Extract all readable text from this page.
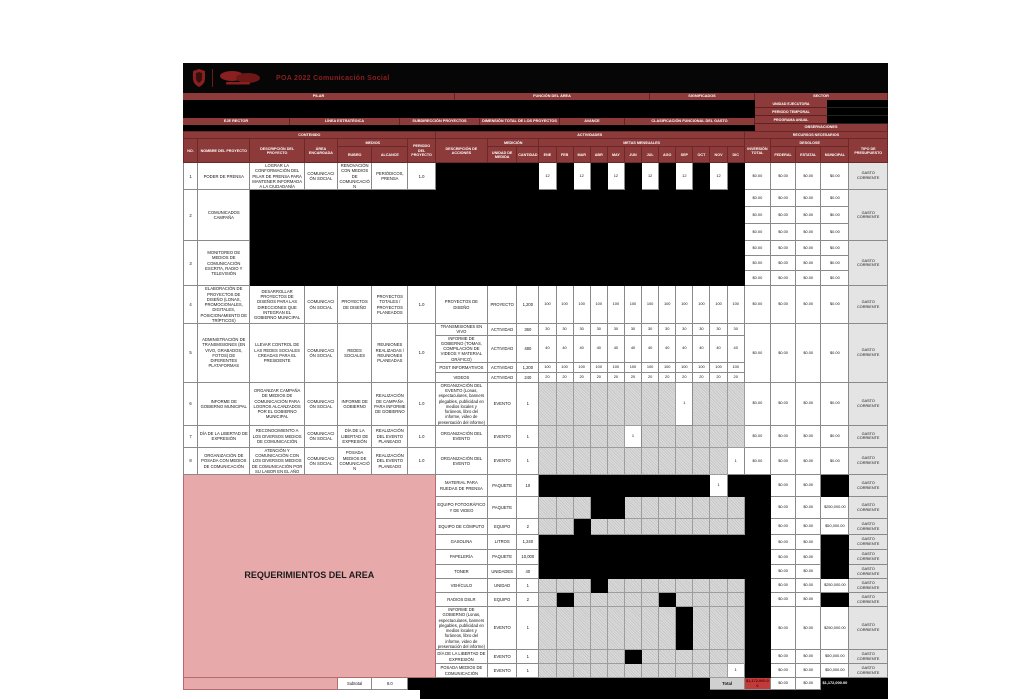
POA 2022 Comunicación Social
PILAR	FUNCIÓN DEL ÁREA	SIGNIFICADOS
EJE RECTOR	LÍNEA ESTRATÉGICA	SUBDIRECCIÓN PROYECTOS	DIMENSIÓN TOTAL DE LOS PROYECTOS	AVANCE	CLASIFICACIÓN FUNCIONAL DEL GASTO
SECTOR
UNIDAD EJECUTORA
PERIODO TEMPORAL
PROGRAMA ANUAL
OBSERVACIONES
CONTENIDO							ACTIVIDADES															RECURSOS NECESARIOS				
NO.	NOMBRE DEL PROYECTO	DESCRIPCIÓN DEL PROYECTO	ÁREA ENCARGADA	MEDIOS		PERIODO DEL PROYECTO	DESCRIPCIÓN DE ACCIONES	MEDICIÓN		METAS MENSUALES												INVERSIÓN TOTAL	DESGLOSE			TIPO DE PRESUPUESTO
				RUBRO	ALCANCE			UNIDAD DE MEDIDA	CANTIDAD	ENE	FEB	MAR	ABR	MAY	JUN	JUL	AGO	SEP	OCT	NOV	DIC		FEDERAL	ESTATAL	MUNICIPAL	
1	PODER DE PRENSA	LOGRAR LA CONFORMACIÓN DEL PILAR DE PRENSA PARA MANTENER INFORMADA A LA CIUDADANÍA	COMUNICACIÓN SOCIAL	RENOVACIÓN CON MEDIOS DE COMUNICACIÓN	PERIÓDICOS, PRENSA	1.0				12		12		12		12		12		12		$0.00	$0.00	$0.00	$0.00	GASTO CORRIENTE
2	COMUNICADOS CAMPAÑA																					$0.00	$0.00	$0.00	$0.00	GASTO CORRIENTE
																						$0.00	$0.00	$0.00	$0.00	
																						$0.00	$0.00	$0.00	$0.00	
3	MONITOREO DE MEDIOS DE COMUNICACIÓN ESCRITA, RADIO Y TELEVISIÓN																					$0.00	$0.00	$0.00	$0.00	GASTO CORRIENTE
																						$0.00	$0.00	$0.00	$0.00	
																						$0.00	$0.00	$0.00	$0.00	
4	ELABORACIÓN DE PROYECTOS DE DISEÑO (LONAS, PROMOCIONALES, DIGITALES, POSICIONAMIENTO DE TRÍPTICOS)	DESARROLLAR PROYECTOS DE DISEÑOS PARA LAS DIRECCIONES QUE INTEGRAN EL GOBIERNO MUNICIPAL	COMUNICACIÓN SOCIAL	PROYECTOS DE DISEÑO	PROYECTOS TOTALES / PROYECTOS PLANEADOS	1.0	PROYECTOS DE DISEÑO	PROYECTO	1,200	100	100	100	100	100	100	100	100	100	100	100	100	$0.00	$0.00	$0.00	$0.00	GASTO CORRIENTE
5	ADMINISTRACIÓN DE TRANSMISIONES (EN VIVO, GRABADOS, FOTOS) DE DIFERENTES PLATAFORMAS	LLEVAR CONTROL DE LAS REDES SOCIALES CREADAS PARA EL PRESIDENTE	COMUNICACIÓN SOCIAL	REDES SOCIALES	REUNIONES REALIZADAS / REUNIONES PLANEADAS	1.0	TRANSMISIONES EN VIVO	ACTIVIDAD	360	30	30	30	30	30	30	30	30	30	30	30	30	$0.00	$0.00	$0.00	$0.00	GASTO CORRIENTE
							INFORME DE GOBIERNO (TOMAS, COMPILACIÓN DE VIDEOS Y MATERIAL GRÁFICO)	ACTIVIDAD	480	40	40	40	40	40	40	40	40	40	40	40	40					
							POST INFORMATIVOS	ACTIVIDAD	1,200	100	100	100	100	100	100	100	100	100	100	100	100					
							VIDEOS	ACTIVIDAD	240	20	20	20	20	20	20	20	20	20	20	20	20					
6	INFORME DE GOBIERNO MUNICIPAL	ORGANIZAR CAMPAÑA DE MEDIOS DE COMUNICACIÓN PARA LOGROS ALCANZADOS POR EL GOBIERNO MUNICIPAL	COMUNICACIÓN SOCIAL	INFORME DE GOBIERNO	REALIZACIÓN DE CAMPAÑA PARA INFORME DE GOBIERNO	1.0	ORGANIZACIÓN DEL EVENTO (Lonas, espectaculares, banners plegables, publicidad en medios locales y foráneos, libro del informe, video de presentación del informe)	EVENTO	1									1				$0.00	$0.00	$0.00	$0.00	GASTO CORRIENTE
7	DÍA DE LA LIBERTAD DE EXPRESIÓN	RECONOCIMIENTO A LOS DIVERSOS MEDIOS DE COMUNICACIÓN	COMUNICACIÓN SOCIAL	DÍA DE LA LIBERTAD DE EXPRESIÓN	REALIZACIÓN DEL EVENTO PLANEADO	1.0	ORGANIZACIÓN DEL EVENTO	EVENTO	1						1							$0.00	$0.00	$0.00	$0.00	GASTO CORRIENTE
8	ORGANIZACIÓN DE POSADA CON MEDIOS DE COMUNICACIÓN	ATENCIÓN Y COMUNICACIÓN CON LOS DIVERSOS MEDIOS DE COMUNICACIÓN POR SU LABOR EN EL AÑO	COMUNICACIÓN SOCIAL	POSADA MEDIOS DE COMUNICACIÓN	REALIZACIÓN DEL EVENTO PLANEADO	1.0	ORGANIZACIÓN DEL EVENTO	EVENTO	1												1	$0.00	$0.00	$0.00	$0.00	GASTO CORRIENTE

REQUERIMIENTOS DEL AREA							MATERIAL PARA RUEDAS DE PRENSA	PAQUETE	10											1			$0.00	$0.00		GASTO CORRIENTE
							EQUIPO FOTOGRÁFICO Y DE VIDEO	PAQUETE															$0.00	$0.00	$250,000.00	GASTO CORRIENTE
							EQUIPO DE CÓMPUTO	EQUIPO	2														$0.00	$0.00	$50,000.00	GASTO CORRIENTE
							GASOLINA	LITROS	1,240														$0.00	$0.00		GASTO CORRIENTE
							PAPELERÍA	PAQUETE	10,000														$0.00	$0.00		GASTO CORRIENTE
							TONER	UNIDADES	40														$0.00	$0.00		GASTO CORRIENTE
							VEHÍCULO	UNIDAD	1														$0.00	$0.00	$250,000.00	GASTO CORRIENTE
							RADIOS DSLR	EQUIPO	2														$0.00	$0.00		GASTO CORRIENTE
							INFORME DE GOBIERNO (Lonas, espectaculares, banners plegables, publicidad en medios locales y foráneos, libro del informe, video de presentación del informe)	EVENTO	1														$0.00	$0.00	$250,000.00	GASTO CORRIENTE
							DÍA DE LA LIBERTAD DE EXPRESIÓN	EVENTO	1														$0.00	$0.00	$50,000.00	GASTO CORRIENTE
							POSADA MEDIOS DE COMUNICACIÓN	EVENTO	1												1		$0.00	$0.00	$50,000.00	GASTO CORRIENTE
				Subtotal	8.0															Total		$1,172,000.00	$0.00	$0.00	$1,172,000.00	
